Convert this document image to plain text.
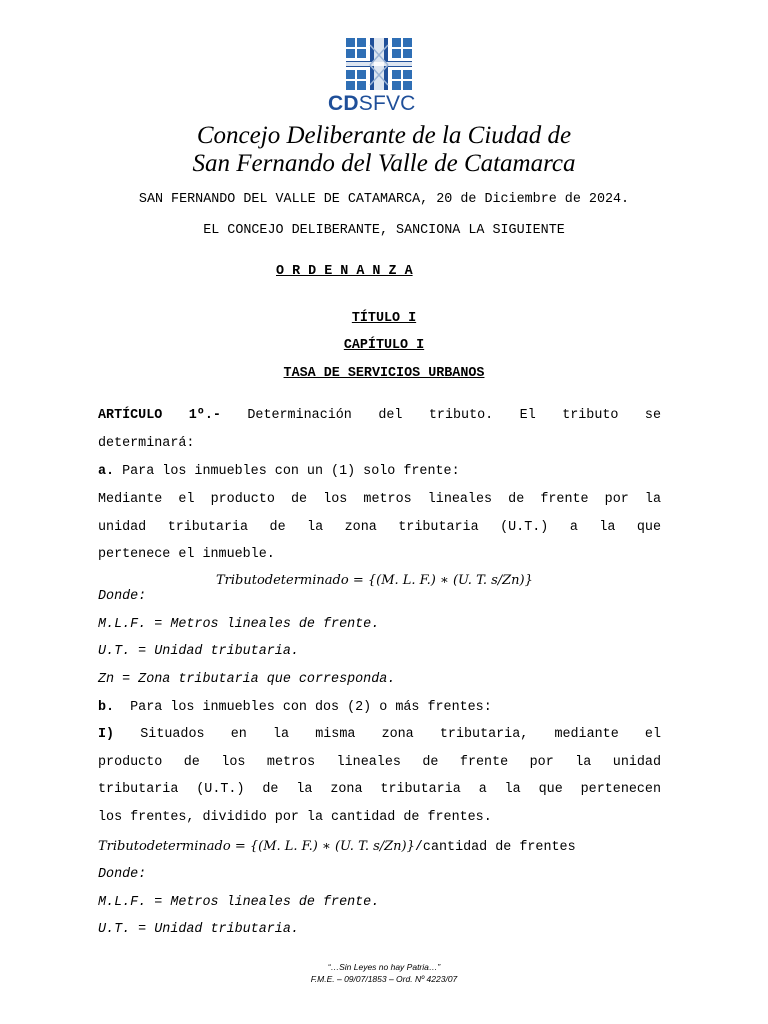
CDSFVC
Concejo Deliberante de la Ciudad de
San Fernando del Valle de Catamarca
SAN FERNANDO DEL VALLE DE CATAMARCA, 20 de Diciembre de 2024.
EL CONCEJO DELIBERANTE, SANCIONA LA SIGUIENTE
O R D E N A N Z A
TÍTULO I
CAPÍTULO I
TASA DE SERVICIOS URBANOS
ARTÍCULO 1º.- Determinación del tributo. El tributo se
determinará:
a. Para los inmuebles con un (1) solo frente:
Mediante el producto de los metros lineales de frente por la
unidad tributaria de la zona tributaria (U.T.) a la que
pertenece el inmueble.
Tributodeterminado = {(M. L. F.) ∗ (U. T. s/Zn)}
Donde:
M.L.F. = Metros lineales de frente.
U.T. = Unidad tributaria.
Zn = Zona tributaria que corresponda.
b.  Para los inmuebles con dos (2) o más frentes:
I) Situados en la misma zona tributaria, mediante el
producto de los metros lineales de frente por la unidad
tributaria (U.T.) de la zona tributaria a la que pertenecen
los frentes, dividido por la cantidad de frentes.
Tributodeterminado = {(M. L. F.) ∗ (U. T. s/Zn)}/cantidad de frentes
Donde:
M.L.F. = Metros lineales de frente.
U.T. = Unidad tributaria.
“…Sin Leyes no hay Patria…”
F.M.E. – 09/07/1853 – Ord. Nº 4223/07
